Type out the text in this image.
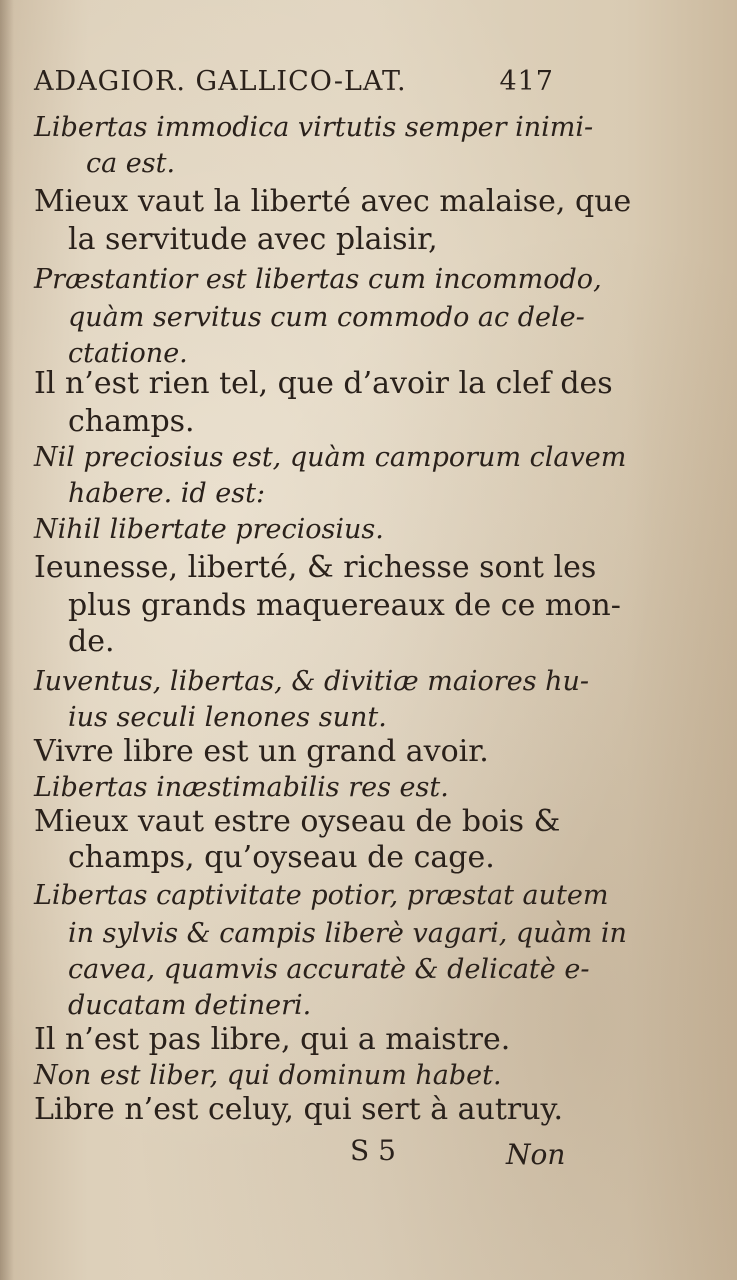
ADAGIOR. GALLICO-LAT.	417
Libertas immodica virtutis semper inimi-
ca est.
Mieux vaut la liberté avec malaise, que
la servitude avec plaisir,
Præstantior est libertas cum incommodo,
quàm servitus cum commodo ac dele-
ctatione.
Il n’est rien tel, que d’avoir la clef des
champs.
Nil preciosius est, quàm camporum clavem
habere. id est:
Nihil libertate preciosius.
Ieunesse, liberté, & richesse sont les
plus grands maquereaux de ce mon-
de.
Iuventus, libertas, & divitiæ maiores hu-
ius seculi lenones sunt.
Vivre libre est un grand avoir.
Libertas inæstimabilis res est.
Mieux vaut estre oyseau de bois &
champs, qu’oyseau de cage.
Libertas captivitate potior, præstat autem
in sylvis & campis liberè vagari, quàm in
cavea, quamvis accuratè & delicatè e-
ducatam detineri.
Il n’est pas libre, qui a maistre.
Non est liber, qui dominum habet.
Libre n’est celuy, qui sert à autruy.
S 5	Non
